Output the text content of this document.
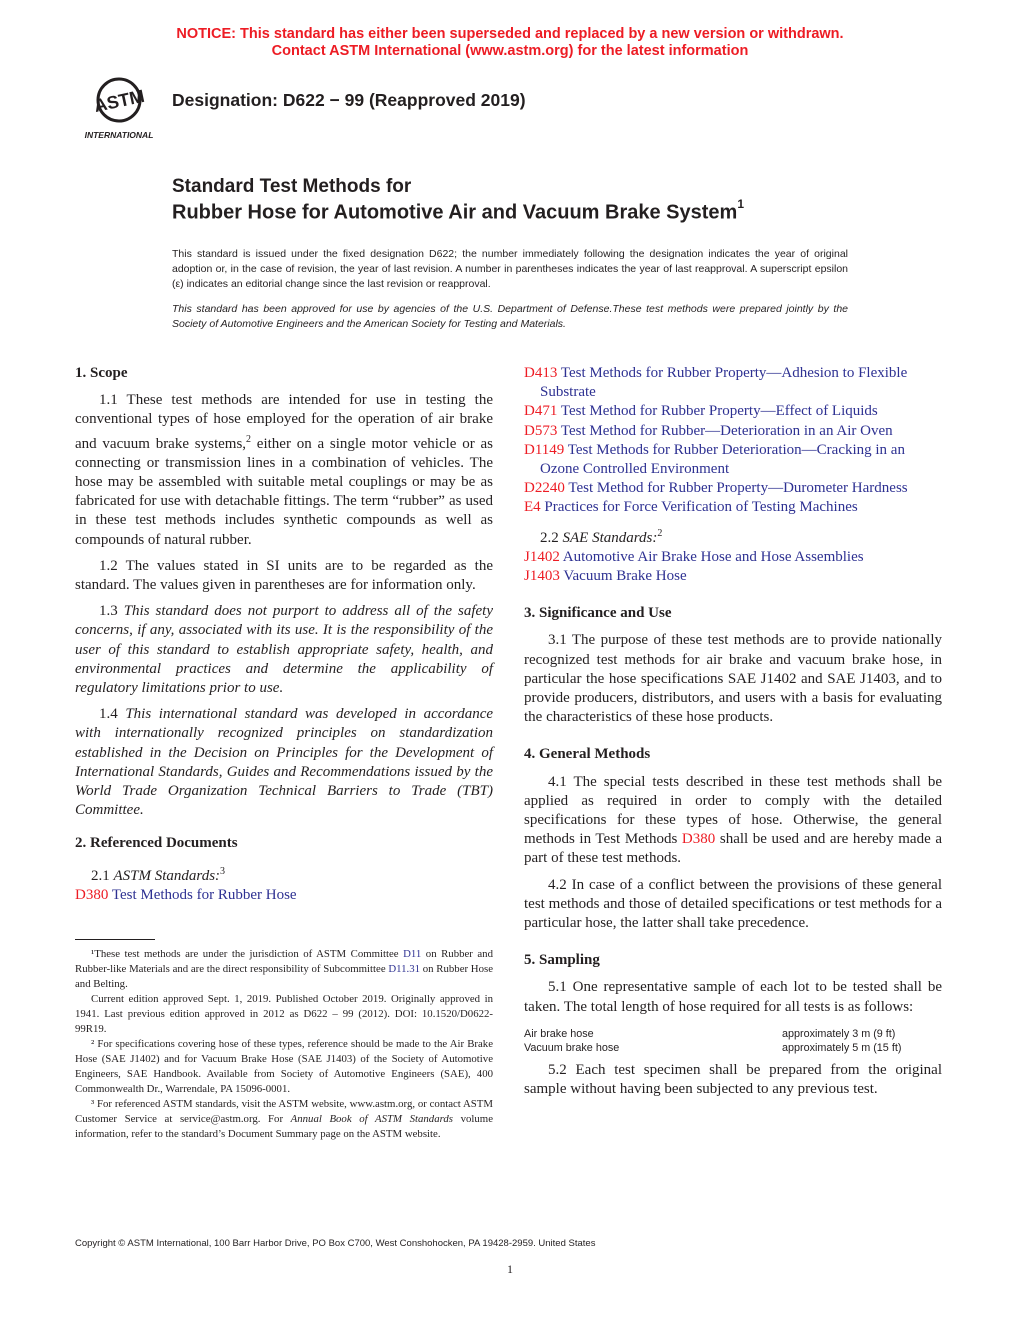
NOTICE: This standard has either been superseded and replaced by a new version or withdrawn.
Contact ASTM International (www.astm.org) for the latest information
ASTM
INTERNATIONAL
Designation: D622 − 99 (Reapproved 2019)
Standard Test Methods for
Rubber Hose for Automotive Air and Vacuum Brake System$^1$
This standard is issued under the fixed designation D622; the number immediately following the designation indicates the year of original adoption or, in the case of revision, the year of last revision. A number in parentheses indicates the year of last reapproval. A superscript epsilon (ε) indicates an editorial change since the last revision or reapproval.
This standard has been approved for use by agencies of the U.S. Department of Defense.These test methods were prepared jointly by the Society of Automotive Engineers and the American Society for Testing and Materials.
1. Scope
1.1 These test methods are intended for use in testing the conventional types of hose employed for the operation of air brake and vacuum brake systems,$^2$ either on a single motor vehicle or as connecting or transmission lines in a combination of vehicles. The hose may be assembled with suitable metal couplings or may be as fabricated for use with detachable fittings. The term “rubber” as used in these test methods includes synthetic compounds as well as compounds of natural rubber.
1.2 The values stated in SI units are to be regarded as the standard. The values given in parentheses are for information only.
1.3 This standard does not purport to address all of the safety concerns, if any, associated with its use. It is the responsibility of the user of this standard to establish appropriate safety, health, and environmental practices and determine the applicability of regulatory limitations prior to use.
1.4 This international standard was developed in accordance with internationally recognized principles on standardization established in the Decision on Principles for the Development of International Standards, Guides and Recommendations issued by the World Trade Organization Technical Barriers to Trade (TBT) Committee.
2. Referenced Documents
2.1 ASTM Standards:$^3$
D380 Test Methods for Rubber Hose
¹These test methods are under the jurisdiction of ASTM Committee D11 on Rubber and Rubber-like Materials and are the direct responsibility of Subcommittee D11.31 on Rubber Hose and Belting.
Current edition approved Sept. 1, 2019. Published October 2019. Originally approved in 1941. Last previous edition approved in 2012 as D622 – 99 (2012). DOI: 10.1520/D0622-99R19.
² For specifications covering hose of these types, reference should be made to the Air Brake Hose (SAE J1402) and for Vacuum Brake Hose (SAE J1403) of the Society of Automotive Engineers, SAE Handbook. Available from Society of Automotive Engineers (SAE), 400 Commonwealth Dr., Warrendale, PA 15096-0001.
³ For referenced ASTM standards, visit the ASTM website, www.astm.org, or contact ASTM Customer Service at service@astm.org. For Annual Book of ASTM Standards volume information, refer to the standard’s Document Summary page on the ASTM website.
D413 Test Methods for Rubber Property—Adhesion to Flexible Substrate
D471 Test Method for Rubber Property—Effect of Liquids
D573 Test Method for Rubber—Deterioration in an Air Oven
D1149 Test Methods for Rubber Deterioration—Cracking in an Ozone Controlled Environment
D2240 Test Method for Rubber Property—Durometer Hardness
E4 Practices for Force Verification of Testing Machines
2.2 SAE Standards:$^2$
J1402 Automotive Air Brake Hose and Hose Assemblies
J1403 Vacuum Brake Hose
3. Significance and Use
3.1 The purpose of these test methods are to provide nationally recognized test methods for air brake and vacuum brake hose, in particular the hose specifications SAE J1402 and SAE J1403, and to provide producers, distributors, and users with a basis for evaluating the characteristics of these hose products.
4. General Methods
4.1 The special tests described in these test methods shall be applied as required in order to comply with the detailed specifications for these types of hose. Otherwise, the general methods in Test Methods D380 shall be used and are hereby made a part of these test methods.
4.2 In case of a conflict between the provisions of these general test methods and those of detailed specifications or test methods for a particular hose, the latter shall take precedence.
5. Sampling
5.1 One representative sample of each lot to be tested shall be taken. The total length of hose required for all tests is as follows:
Air brake hose	approximately 3 m (9 ft)
Vacuum brake hose	approximately 5 m (15 ft)
5.2 Each test specimen shall be prepared from the original sample without having been subjected to any previous test.
Copyright © ASTM International, 100 Barr Harbor Drive, PO Box C700, West Conshohocken, PA 19428-2959. United States
1
